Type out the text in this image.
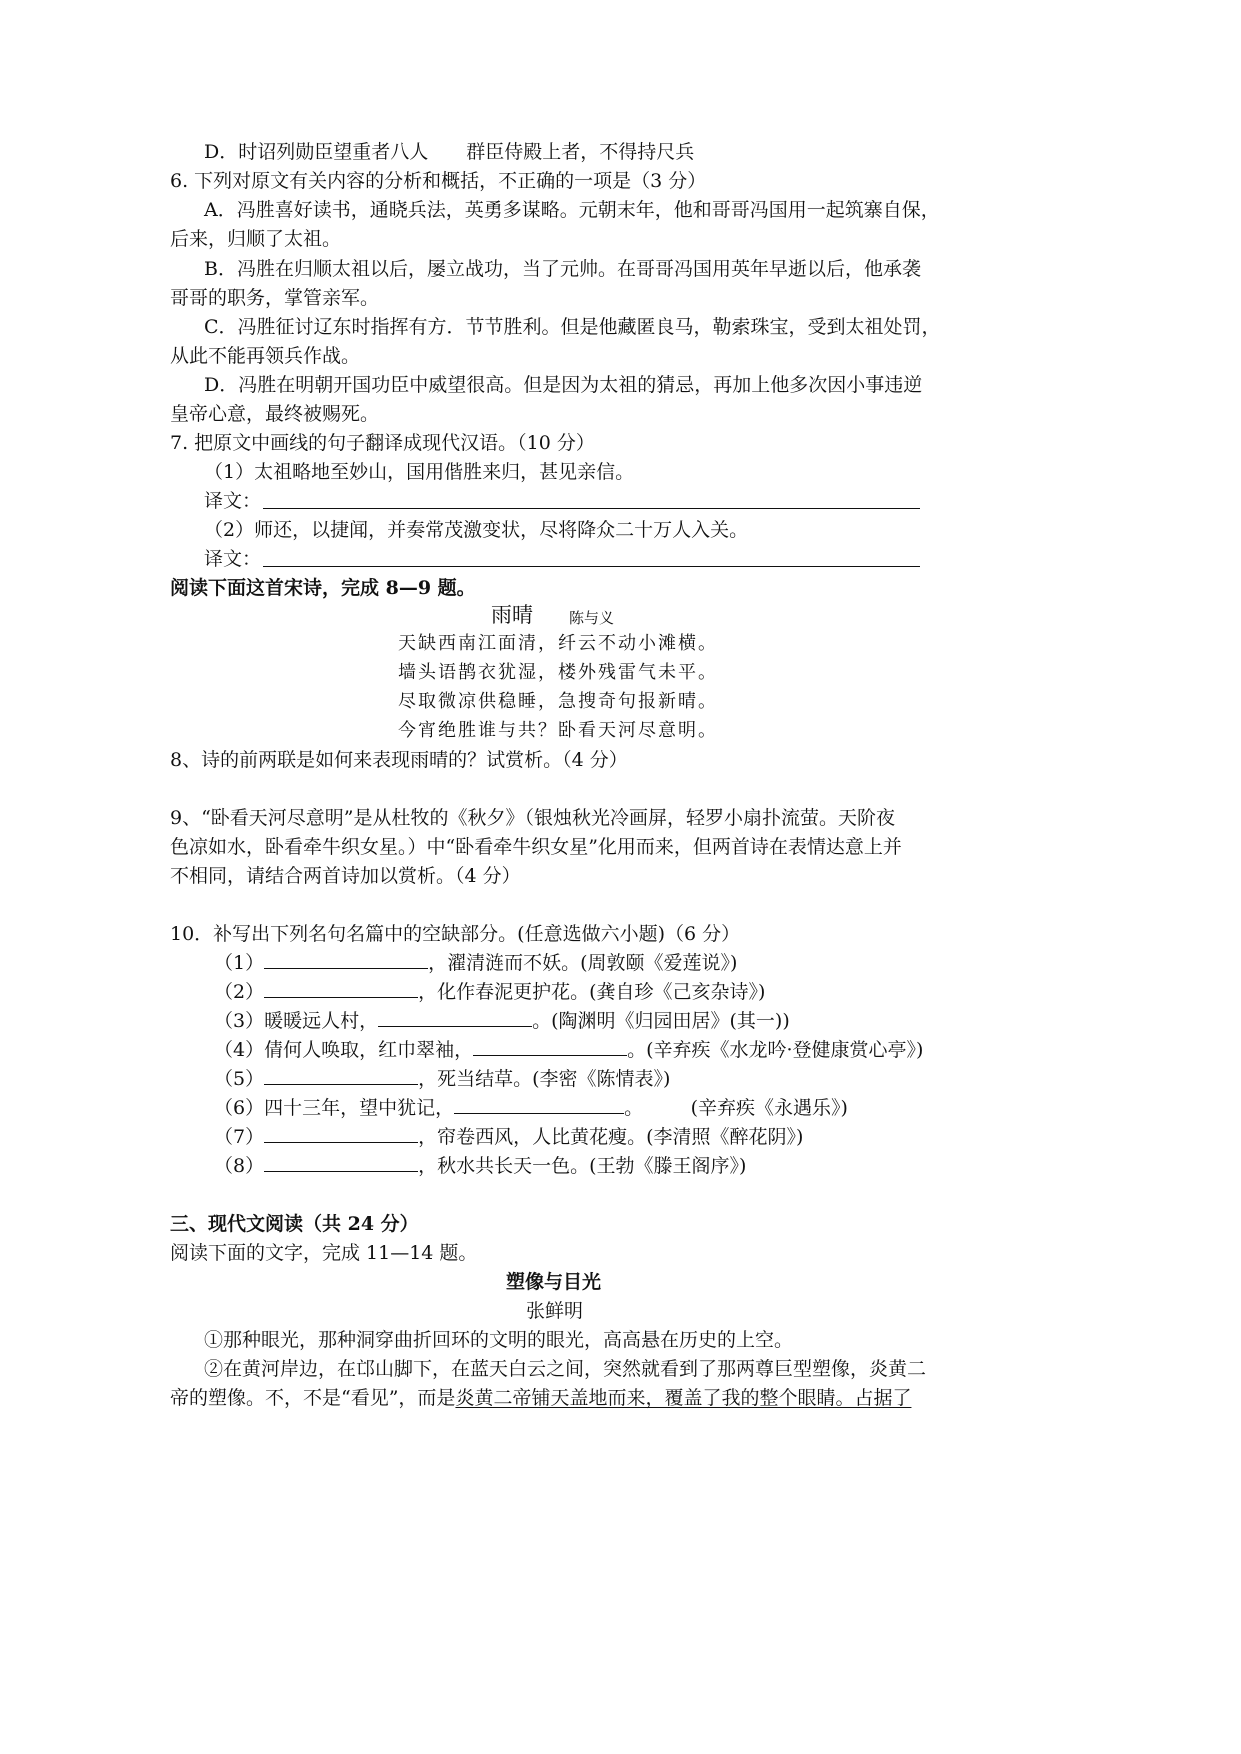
D．时诏列勋臣望重者八人　　群臣侍殿上者，不得持尺兵
6. 下列对原文有关内容的分析和概括，不正确的一项是（3 分）
A．冯胜喜好读书，通晓兵法，英勇多谋略。元朝末年，他和哥哥冯国用一起筑寨自保，
后来，归顺了太祖。
B．冯胜在归顺太祖以后，屡立战功，当了元帅。在哥哥冯国用英年早逝以后，他承袭
哥哥的职务，掌管亲军。
C．冯胜征讨辽东时指挥有方．节节胜利。但是他藏匿良马，勒索珠宝，受到太祖处罚，
从此不能再领兵作战。
D．冯胜在明朝开国功臣中威望很高。但是因为太祖的猜忌，再加上他多次因小事违逆
皇帝心意，最终被赐死。
7. 把原文中画线的句子翻译成现代汉语。（10 分）
（1）太祖略地至妙山，国用偕胜来归，甚见亲信。
译文：
（2）师还，以捷闻，并奏常茂激变状，尽将降众二十万人入关。
译文：
阅读下面这首宋诗，完成 8—9 题。
雨晴 陈与义
天缺西南江面清，纤云不动小滩横。
墙头语鹊衣犹湿，楼外残雷气未平。
尽取微凉供稳睡，急搜奇句报新晴。
今宵绝胜谁与共？卧看天河尽意明。
8、诗的前两联是如何来表现雨晴的？试赏析。（4 分）
9、“卧看天河尽意明”是从杜牧的《秋夕》（银烛秋光冷画屏，轻罗小扇扑流萤。天阶夜
色凉如水，卧看牵牛织女星。）中“卧看牵牛织女星”化用而来，但两首诗在表情达意上并
不相同，请结合两首诗加以赏析。（4 分）
10．补写出下列名句名篇中的空缺部分。(任意选做六小题)（6 分）
（1）	，濯清涟而不妖。(周敦颐《爱莲说》)
（2）	，化作春泥更护花。(龚自珍《己亥杂诗》)
（3）暖暖远人村，	。(陶渊明《归园田居》(其一))
（4）倩何人唤取，红巾翠袖，	。(辛弃疾《水龙吟·登健康赏心亭》)
（5）	，死当结草。(李密《陈情表》)
（6）四十三年，望中犹记，	。　　　(辛弃疾《永遇乐》)
（7）	，帘卷西风，人比黄花瘦。(李清照《醉花阴》)
（8）	，秋水共长天一色。(王勃《滕王阁序》)
三、现代文阅读（共 24 分）
阅读下面的文字，完成 11—14 题。
塑像与目光
张鲜明
①那种眼光，那种洞穿曲折回环的文明的眼光，高高悬在历史的上空。
②在黄河岸边，在邙山脚下，在蓝天白云之间，突然就看到了那两尊巨型塑像，炎黄二
帝的塑像。不，不是“看见”，而是炎黄二帝铺天盖地而来，覆盖了我的整个眼睛。占据了
